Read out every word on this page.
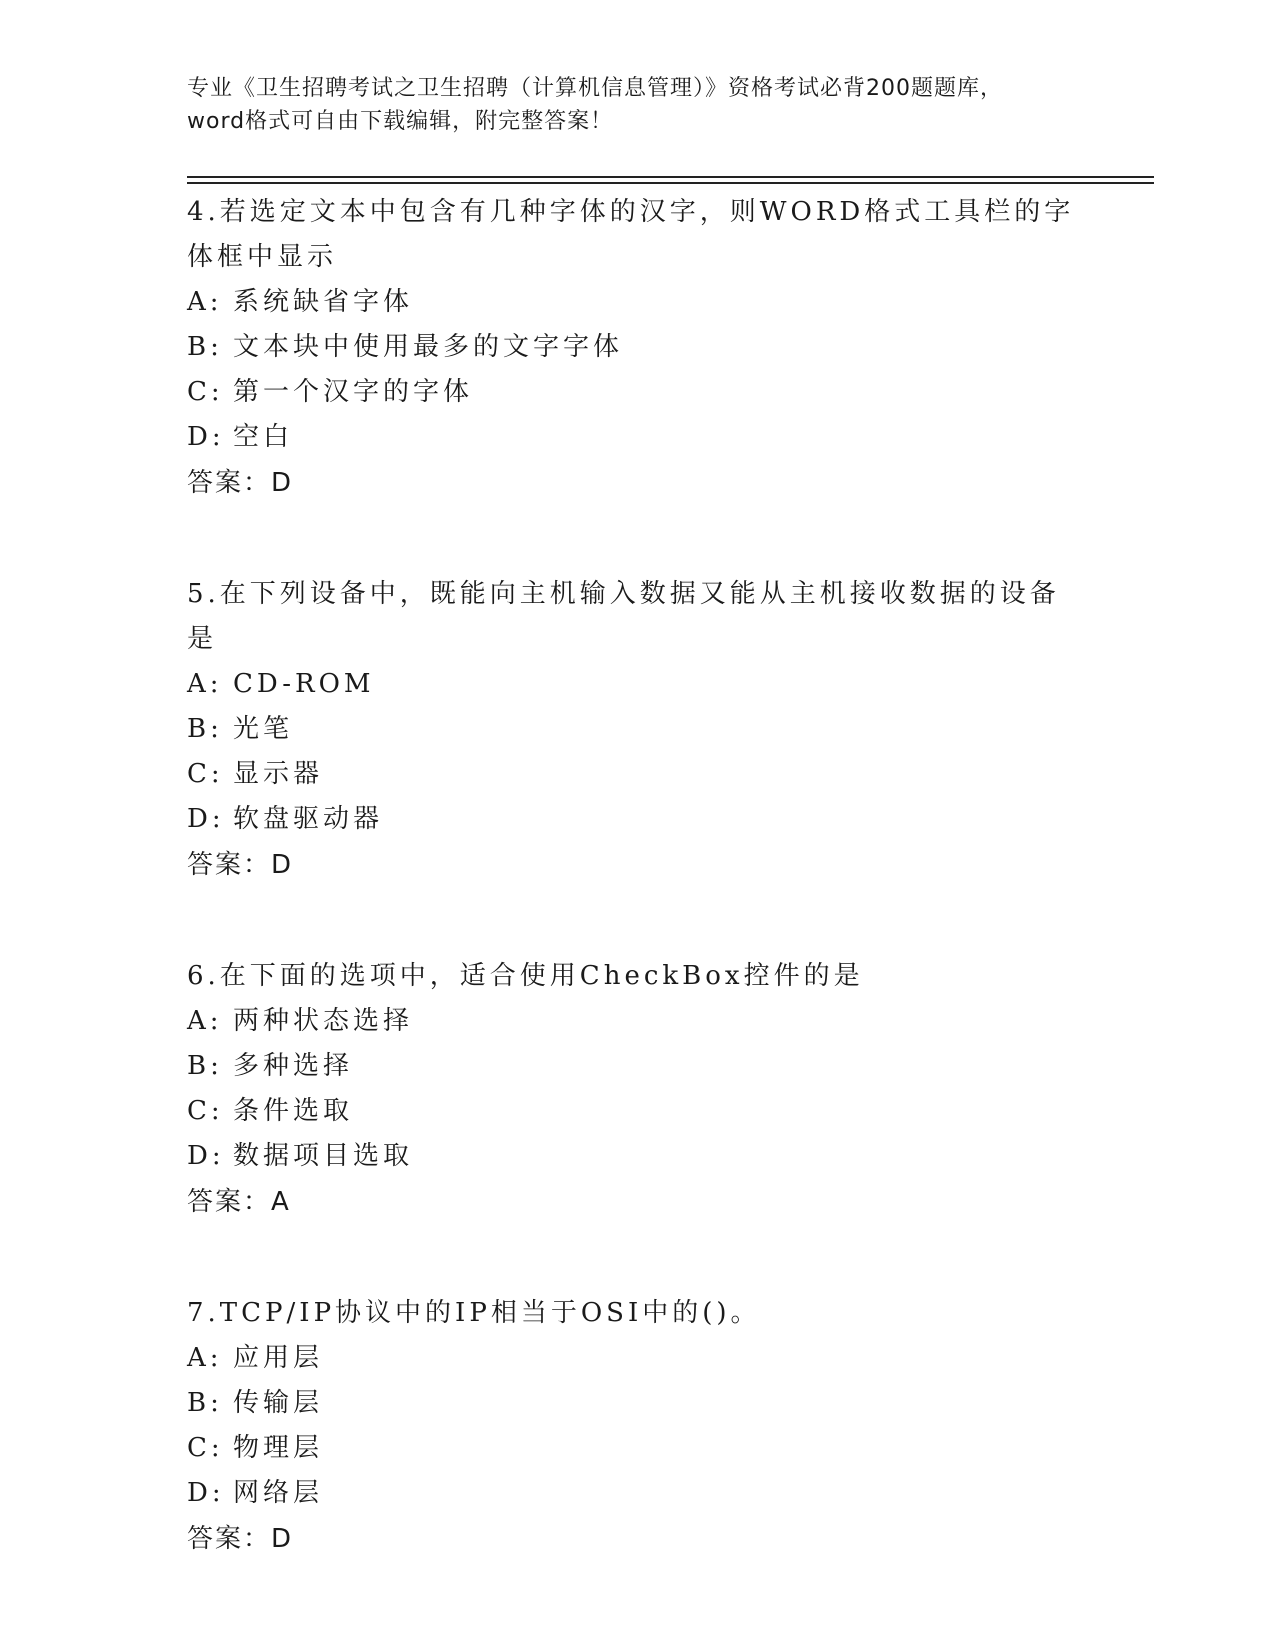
专业《卫生招聘考试之卫生招聘（计算机信息管理）》资格考试必背200题题库，
word格式可自由下载编辑，附完整答案！
4.若选定文本中包含有几种字体的汉字，则WORD格式工具栏的字体框中显示
A: 系统缺省字体
B: 文本块中使用最多的文字字体
C: 第一个汉字的字体
D: 空白
答案：D
5.在下列设备中，既能向主机输入数据又能从主机接收数据的设备是
A: CD-ROM
B: 光笔
C: 显示器
D: 软盘驱动器
答案：D
6.在下面的选项中，适合使用CheckBox控件的是
A: 两种状态选择
B: 多种选择
C: 条件选取
D: 数据项目选取
答案：A
7.TCP/IP协议中的IP相当于OSI中的()。
A: 应用层
B: 传输层
C: 物理层
D: 网络层
答案：D
